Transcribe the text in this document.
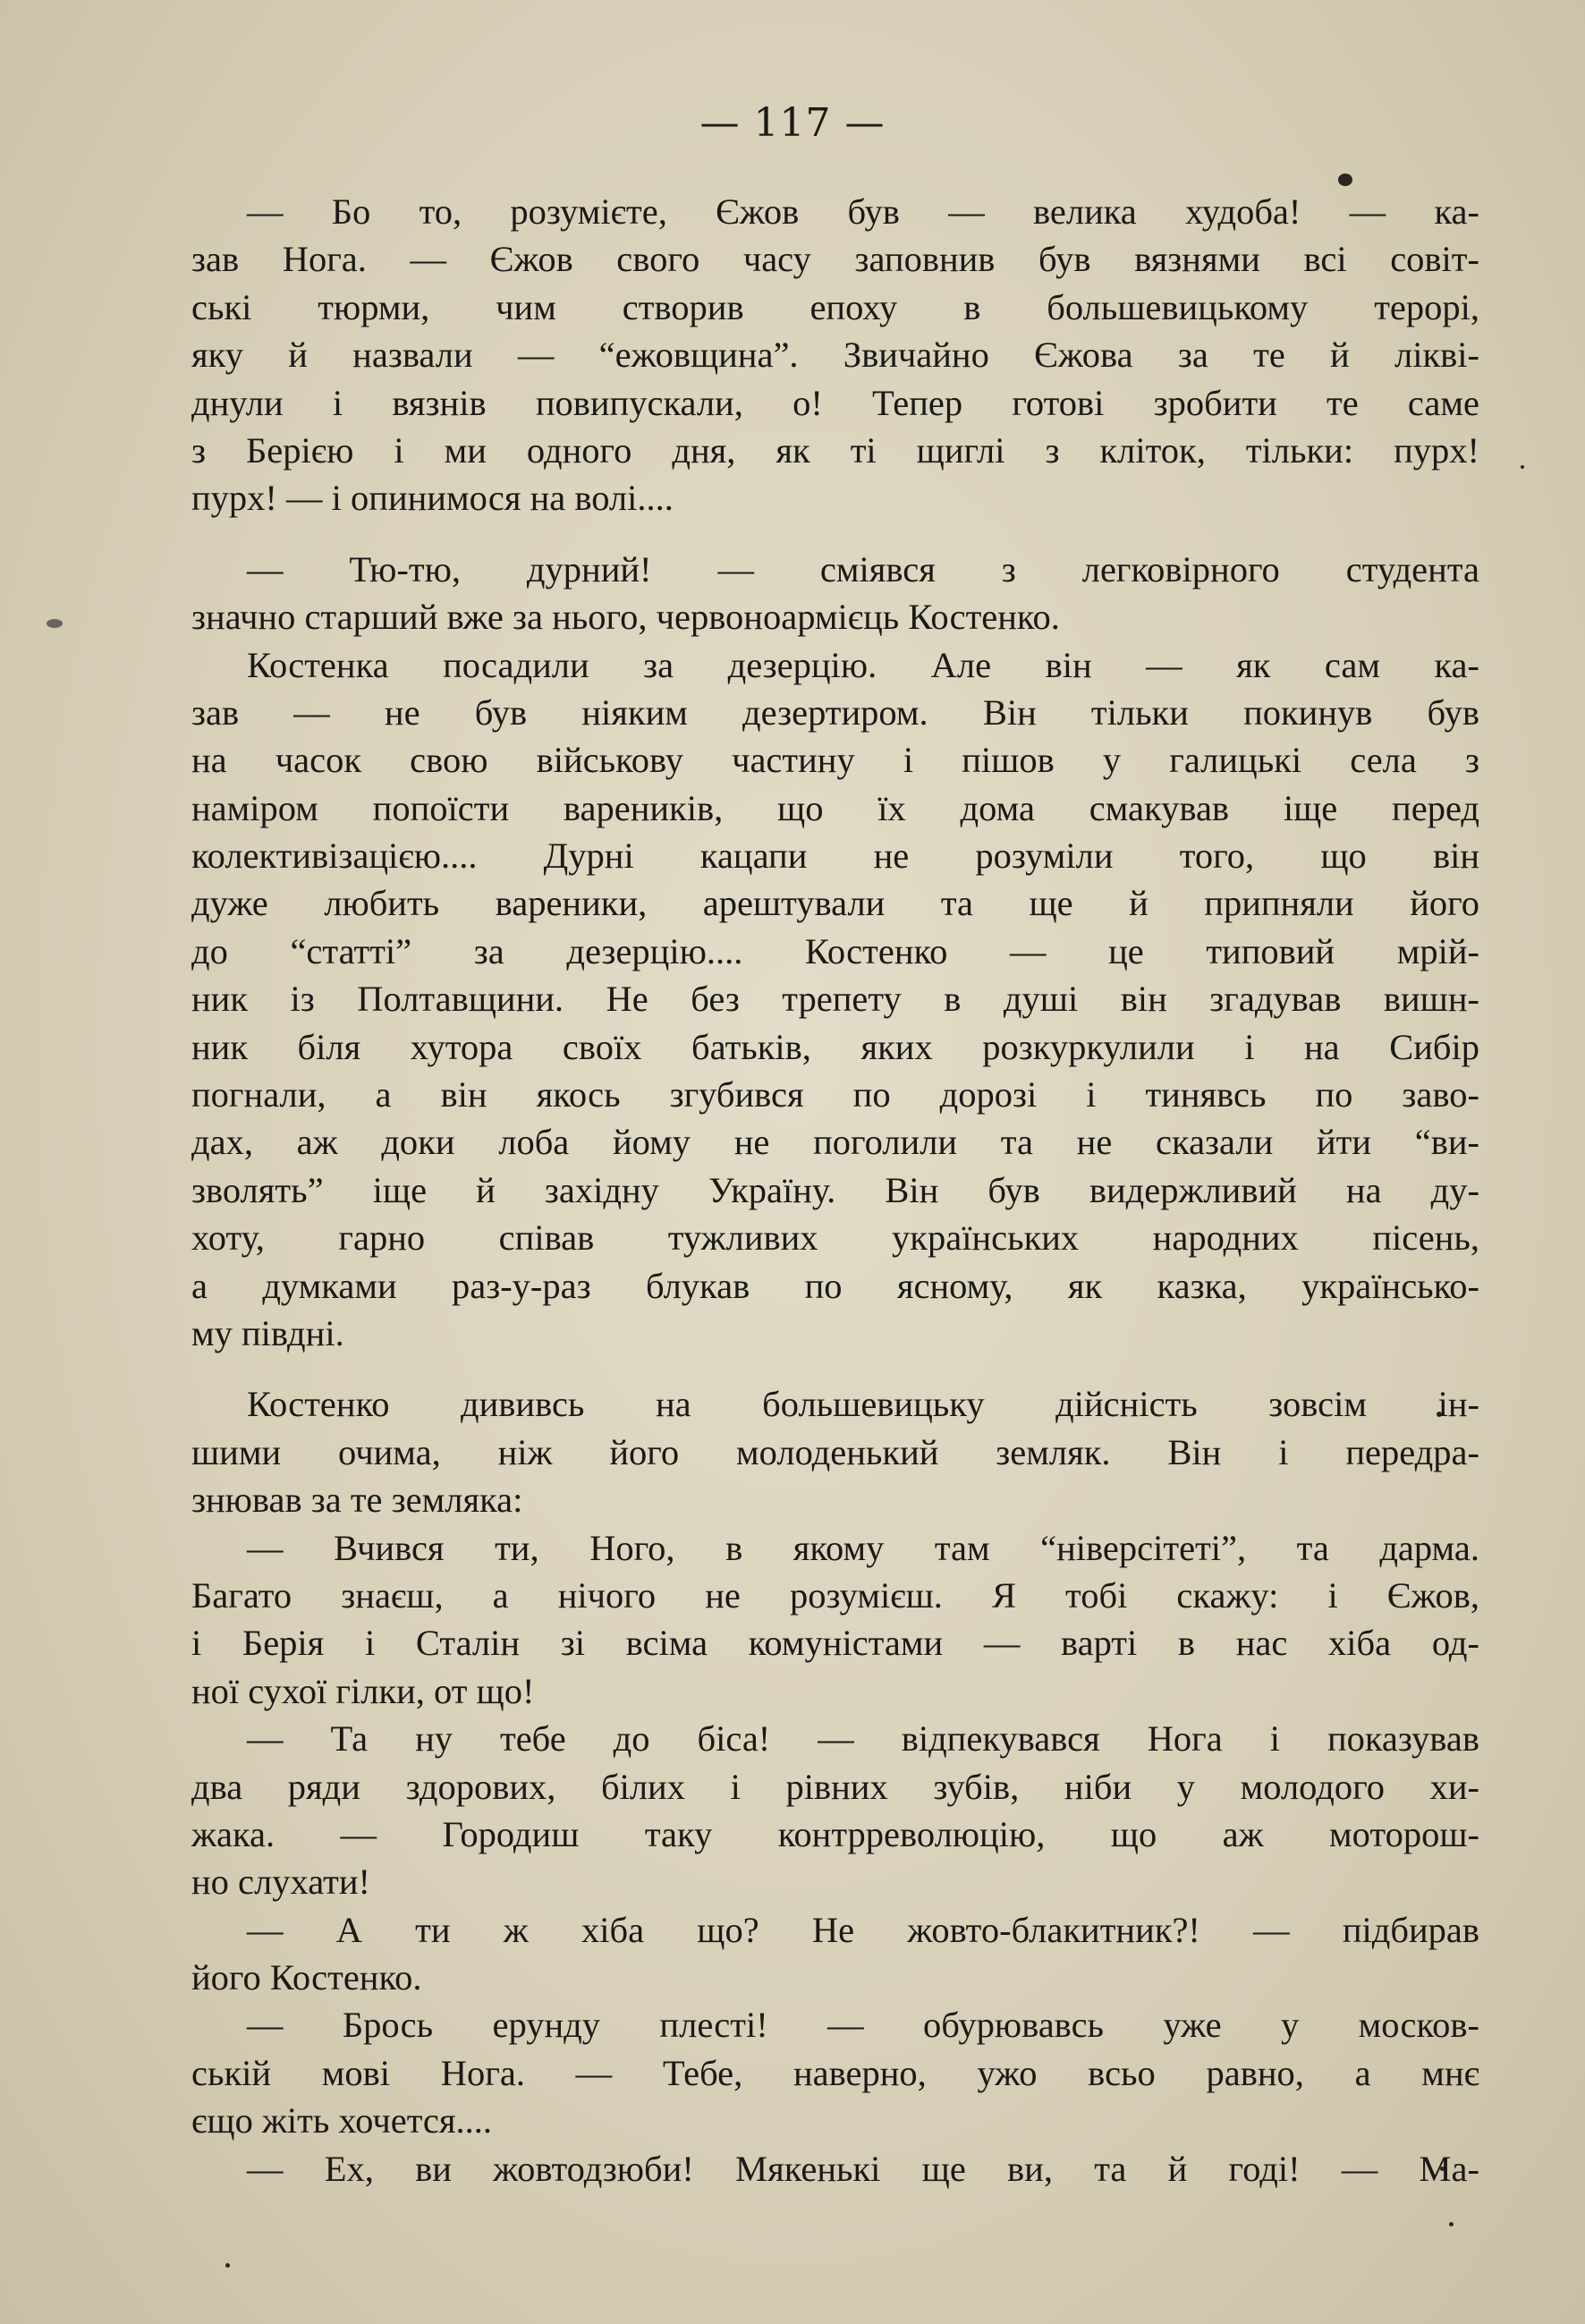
— 117 —
— Бо то, розумієте, Єжов був — велика худоба! — ка-
зав Нога. — Єжов свого часу заповнив був вязнями всі совіт-
ські тюрми, чим створив епоху в большевицькому терорі,
яку й назвали — “ежовщина”. Звичайно Єжова за те й ліквi-
днули і вязнів повипускали, о! Тепер готові зробити те саме
з Берією і ми одного дня, як ті щиглі з кліток, тільки: пурх!
пурх! — і опинимося на волі....
— Тю-тю, дурний! — сміявся з легковірного студента
значно старший вже за нього, червоноармієць Костенко.
Костенка посадили за дезерцію. Але він — як сам ка-
зав — не був ніяким дезертиром. Він тільки покинув був
на часок свою військову частину і пішов у галицькі села з
наміром попоїсти вареників, що їх дома смакував іще перед
колективізацією.... Дурні кацапи не розуміли того, що він
дуже любить вареники, арештували та ще й припняли його
до “статті” за дезерцію.... Костенко — це типовий мрій-
ник із Полтавщини. Не без трепету в душі він згадував вишн-
ник біля хутора своїх батьків, яких розкуркулили і на Сибір
погнали, а він якось згубився по дорозі і тинявсь по заво-
дах, аж доки лоба йому не поголили та не сказали йти “ви-
зволять” іще й західну Україну. Він був видержливий на ду-
хоту, гарно співав тужливих українських народних пісень,
а думками раз-у-раз блукав по ясному, як казка, українсько-
му півдні.
Костенко дививсь на большевицьку дійсність зовсім ін-
шими очима, ніж його молоденький земляк. Він і передра-
знював за те земляка:
— Вчився ти, Ного, в якому там “ніверсітеті”, та дарма.
Багато знаєш, а нічого не розумієш. Я тобі скажу: і Єжов,
і Берія і Сталін зі всіма комуністами — варті в нас хіба од-
ної сухої гілки, от що!
— Та ну тебе до біса! — відпекувався Нога і показував
два ряди здорових, білих і рівних зубів, ніби у молодого хи-
жака. — Городиш таку контрреволюцію, що аж моторош-
но слухати!
— А ти ж хіба що? Не жовто-блакитник?! — підбирав
його Костенко.
— Брось ерунду плесті! — обурювавсь уже у москов-
ській мові Нога. — Тебе, наверно, ужо всьо равно, а мнє
єщо жіть хочется....
— Ех, ви жовтодзюби! Мякенькі ще ви, та й годі! — Ма-
